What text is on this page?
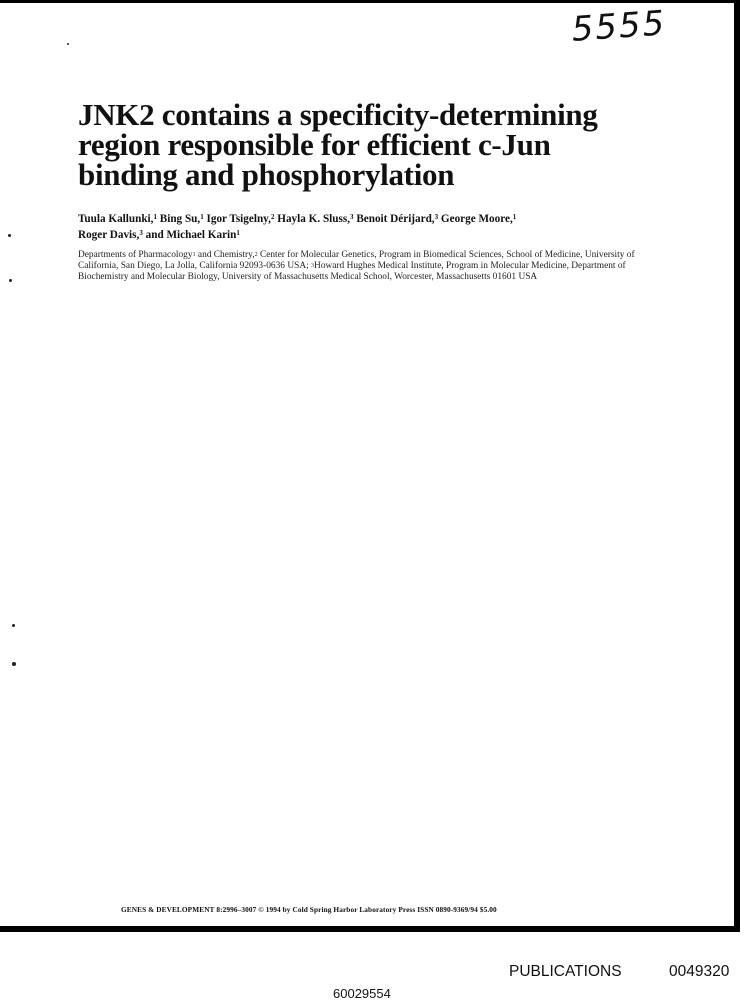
5555
JNK2 contains a specificity-determining
region responsible for efficient c-Jun
binding and phosphorylation
Tuula Kallunki,$^1$ Bing Su,$^1$ Igor Tsigelny,$^2$ Hayla K. Sluss,$^3$ Benoit Dérijard,$^3$ George Moore,$^1$
Roger Davis,$^3$ and Michael Karin$^1$
Departments of Pharmacology$^1$ and Chemistry,$^2$ Center for Molecular Genetics, Program in Biomedical Sciences, School of Medicine, University of California, San Diego, La Jolla, California 92093-0636 USA; $^3$Howard Hughes Medical Institute, Program in Molecular Medicine, Department of Biochemistry and Molecular Biology, University of Massachusetts Medical School, Worcester, Massachusetts 01601 USA
GENES & DEVELOPMENT 8:2996–3007 © 1994 by Cold Spring Harbor Laboratory Press ISSN 0890-9369/94 $5.00
PUBLICATIONS	0049320
60029554
